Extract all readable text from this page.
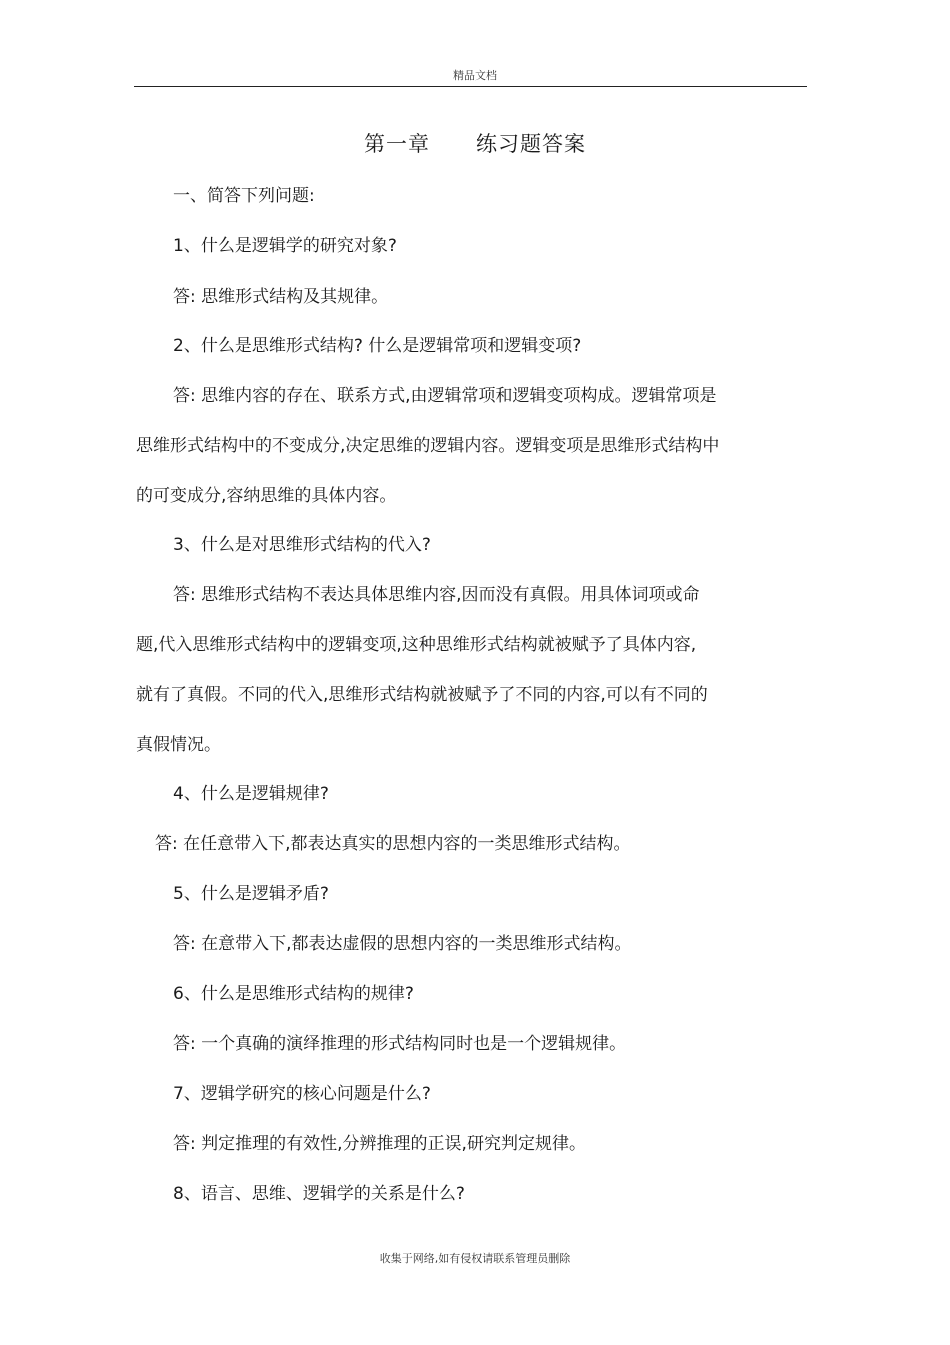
精品文档
第一章      练习题答案
一、简答下列问题:
1、什么是逻辑学的研究对象?
答: 思维形式结构及其规律。
2、什么是思维形式结构? 什么是逻辑常项和逻辑变项?
答: 思维内容的存在、联系方式,由逻辑常项和逻辑变项构成。逻辑常项是
思维形式结构中的不变成分,决定思维的逻辑内容。逻辑变项是思维形式结构中
的可变成分,容纳思维的具体内容。
3、什么是对思维形式结构的代入?
答: 思维形式结构不表达具体思维内容,因而没有真假。用具体词项或命
题,代入思维形式结构中的逻辑变项,这种思维形式结构就被赋予了具体内容,
就有了真假。不同的代入,思维形式结构就被赋予了不同的内容,可以有不同的
真假情况。
4、什么是逻辑规律?
答: 在任意带入下,都表达真实的思想内容的一类思维形式结构。
5、什么是逻辑矛盾?
答: 在意带入下,都表达虚假的思想内容的一类思维形式结构。
6、什么是思维形式结构的规律?
答: 一个真确的演绎推理的形式结构同时也是一个逻辑规律。
7、逻辑学研究的核心问题是什么?
答: 判定推理的有效性,分辨推理的正误,研究判定规律。
8、语言、思维、逻辑学的关系是什么?
收集于网络,如有侵权请联系管理员删除
